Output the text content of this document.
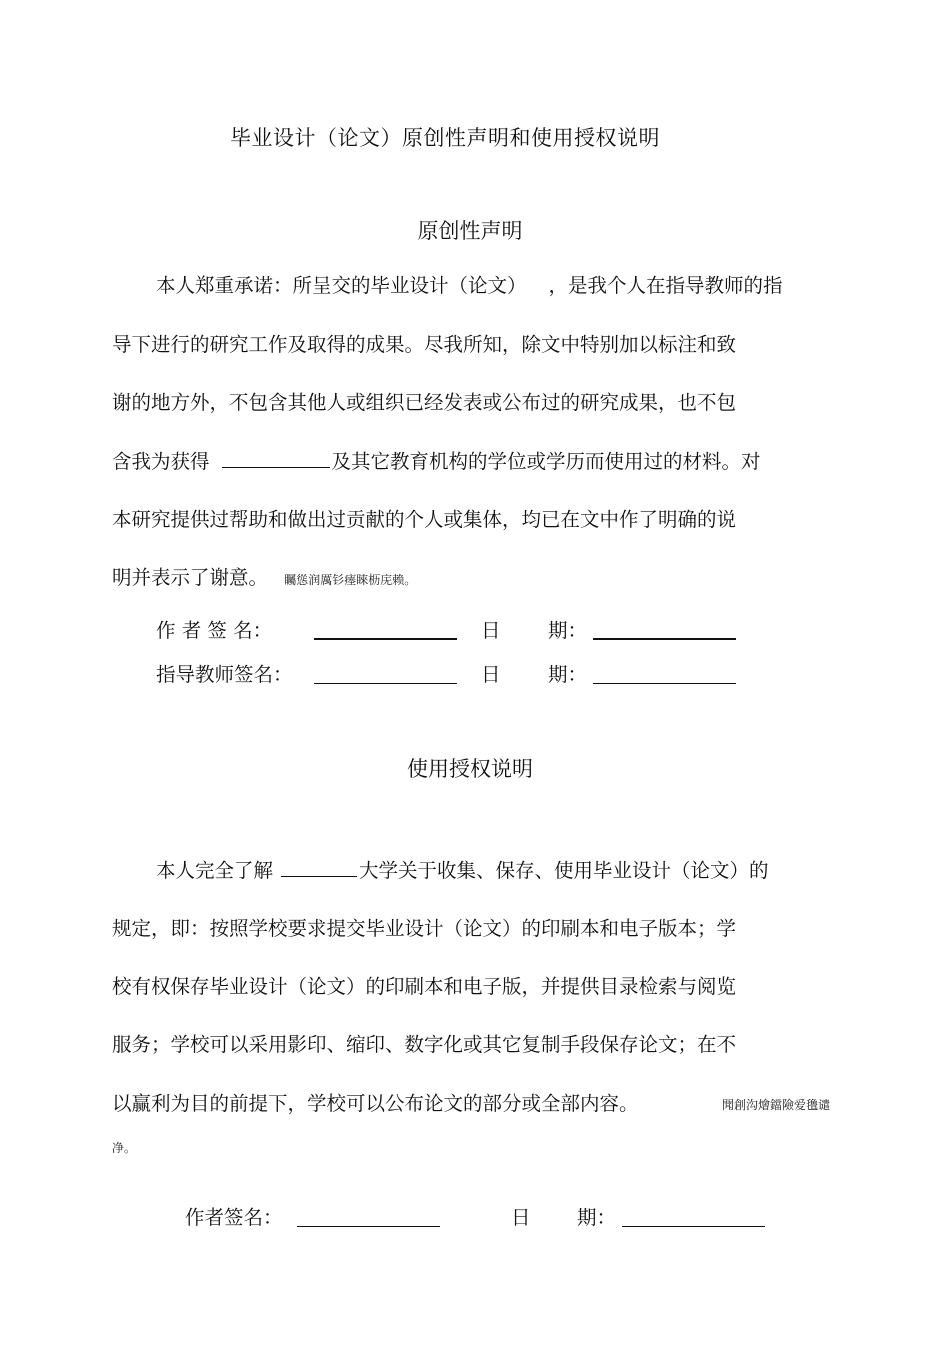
毕业设计（论文）原创性声明和使用授权说明
原创性声明
本人郑重承诺：所呈交的毕业设计（论文） ，是我个人在指导教师的指
导下进行的研究工作及取得的成果。尽我所知，除文中特别加以标注和致
谢的地方外，不包含其他人或组织已经发表或公布过的研究成果，也不包
含我为获得	及其它教育机构的学位或学历而使用过的材料。对
本研究提供过帮助和做出过贡献的个人或集体，均已在文中作了明确的说
明并表示了谢意。 矚慫润厲钐瘗睞枥庑赖。
作 者 签 名：	日 期：
指导教师签名：	日 期：
使用授权说明
本人完全了解	大学关于收集、保存、使用毕业设计（论文）的
规定，即：按照学校要求提交毕业设计（论文）的印刷本和电子版本；学
校有权保存毕业设计（论文）的印刷本和电子版，并提供目录检索与阅览
服务；学校可以采用影印、缩印、数字化或其它复制手段保存论文；在不
以赢利为目的前提下，学校可以公布论文的部分或全部内容。	聞創沟燴鐺險爱氇谴
净。
作者签名：	日 期：
